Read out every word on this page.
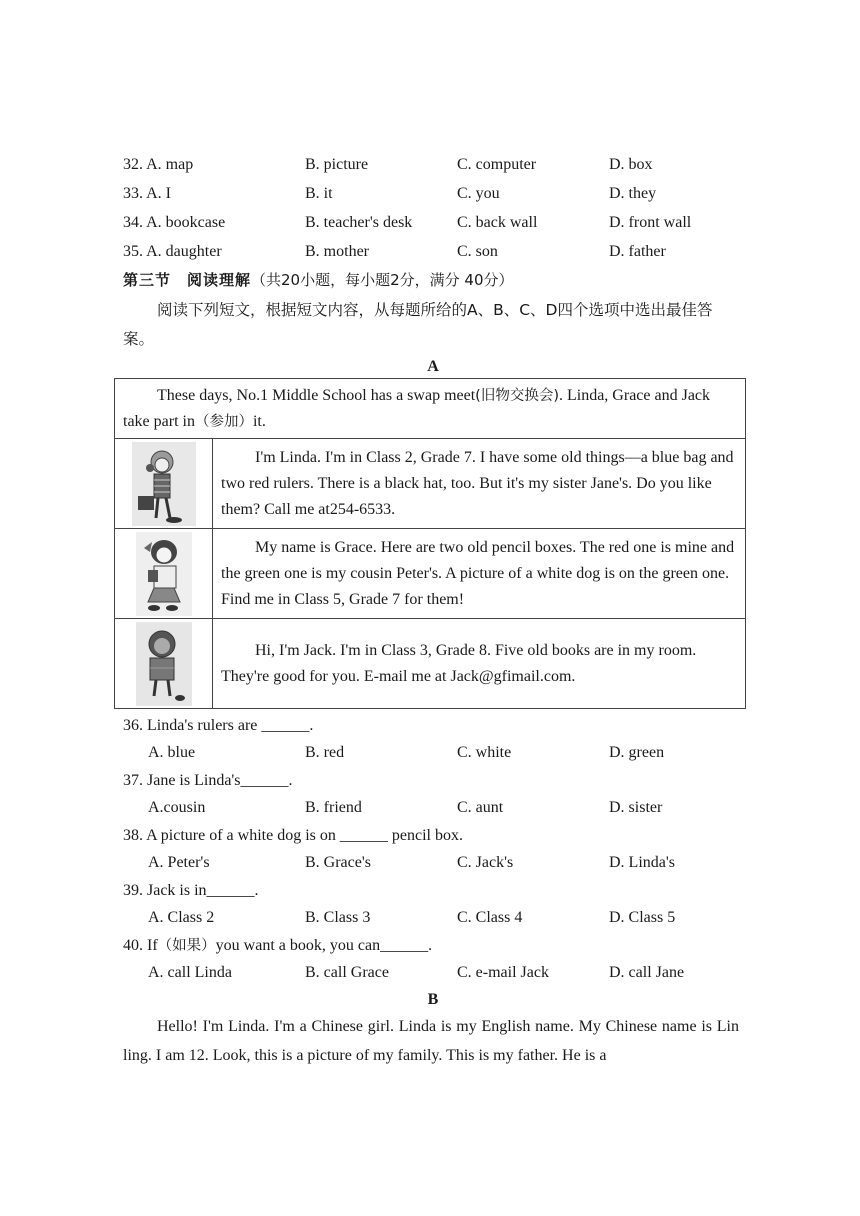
32. A. map	B. picture	C. computer	D. box
33. A. I	B. it	C. you	D. they
34. A. bookcase	B. teacher's desk	C. back wall	D. front wall
35. A. daughter	B. mother	C. son	D. father
第三节　阅读理解（共20小题，每小题2分，满分 40分）
阅读下列短文，根据短文内容，从每题所给的A、B、C、D四个选项中选出最佳答案。
A
These days, No.1 Middle School has a swap meet(旧物交换会). Linda, Grace and Jack take part in（参加）it.	

	I'm Linda. I'm in Class 2, Grade 7. I have some old things—a blue bag and two red rulers. There is a black hat, too. But it's my sister Jane's. Do you like them? Call me at254-6533.

	My name is Grace. Here are two old pencil boxes. The red one is mine and the green one is my cousin Peter's. A picture of a white dog is on the green one. Find me in Class 5, Grade 7 for them!

	Hi, I'm Jack. I'm in Class 3, Grade 8. Five old books are in my room. They're good for you. E-mail me at Jack@gfimail.com.
36. Linda's rulers are ______.
A. blue	B. red	C. white	D. green
37. Jane is Linda's______.
A.cousin	B. friend	C. aunt	D. sister
38. A picture of a white dog is on ______ pencil box.
A. Peter's	B. Grace's	C. Jack's	D. Linda's
39. Jack is in______.
A. Class 2	B. Class 3	C. Class 4	D. Class 5
40. If（如果）you want a book, you can______.
A. call Linda	B. call Grace	C. e-mail Jack	D. call Jane
B
Hello! I'm Linda. I'm a Chinese girl. Linda is my English name. My Chinese name is Lin ling. I am 12. Look, this is a picture of my family. This is my father. He is a
